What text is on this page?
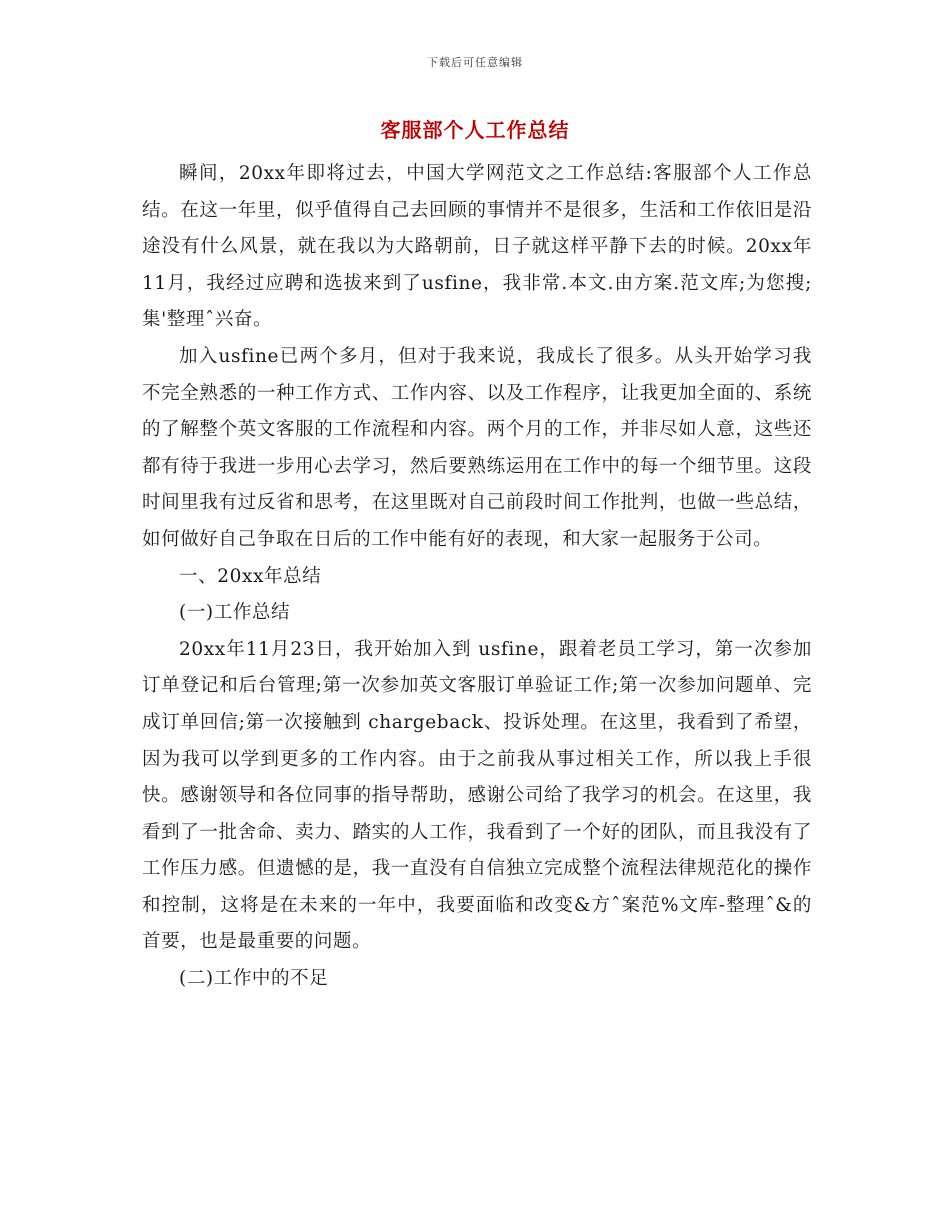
下载后可任意编辑
客服部个人工作总结

瞬间，20xx年即将过去，中国大学网范文之工作总结:客服部个人工作总结。在这一年里，似乎值得自己去回顾的事情并不是很多，生活和工作依旧是沿途没有什么风景，就在我以为大路朝前，日子就这样平静下去的时候。20xx年11月，我经过应聘和选拔来到了usfine，我非常.本文.由方案.范文库;为您搜;集'整理ˆ兴奋。

加入usfine已两个多月，但对于我来说，我成长了很多。从头开始学习我不完全熟悉的一种工作方式、工作内容、以及工作程序，让我更加全面的、系统的了解整个英文客服的工作流程和内容。两个月的工作，并非尽如人意，这些还都有待于我进一步用心去学习，然后要熟练运用在工作中的每一个细节里。这段时间里我有过反省和思考，在这里既对自己前段时间工作批判，也做一些总结，如何做好自己争取在日后的工作中能有好的表现，和大家一起服务于公司。

一、20xx年总结

(一)工作总结

20xx年11月23日，我开始加入到 usfine，跟着老员工学习，第一次参加订单登记和后台管理;第一次参加英文客服订单验证工作;第一次参加问题单、完成订单回信;第一次接触到 chargeback、投诉处理。在这里，我看到了希望，因为我可以学到更多的工作内容。由于之前我从事过相关工作，所以我上手很快。感谢领导和各位同事的指导帮助，感谢公司给了我学习的机会。在这里，我看到了一批舍命、卖力、踏实的人工作，我看到了一个好的团队，而且我没有了工作压力感。但遗憾的是，我一直没有自信独立完成整个流程法律规范化的操作和控制，这将是在未来的一年中，我要面临和改变&方ˆ案范%文库-整理ˆ&的首要，也是最重要的问题。

(二)工作中的不足
